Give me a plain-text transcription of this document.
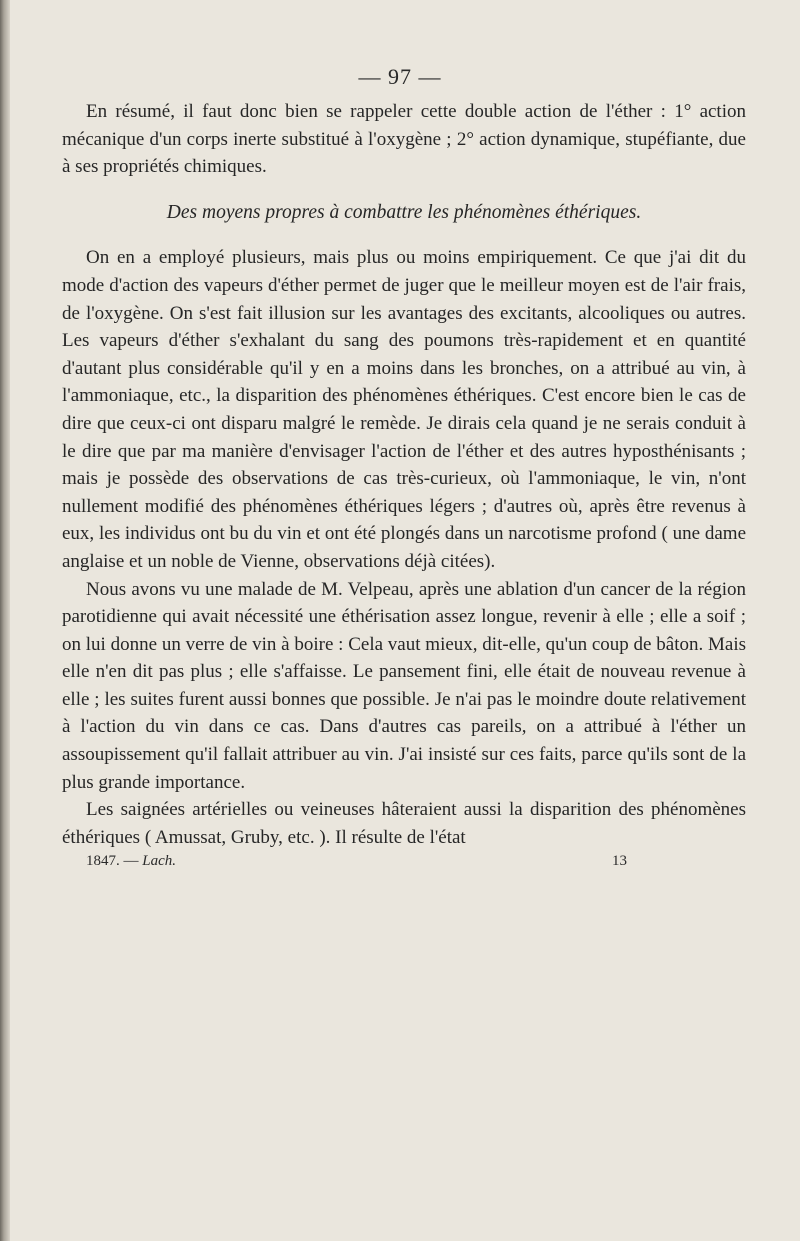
— 97 —

En résumé, il faut donc bien se rappeler cette double action de l'éther : 1° action mécanique d'un corps inerte substitué à l'oxygène ; 2° action dynamique, stupéfiante, due à ses propriétés chimiques.

Des moyens propres à combattre les phénomènes éthériques.

On en a employé plusieurs, mais plus ou moins empiriquement. Ce que j'ai dit du mode d'action des vapeurs d'éther permet de juger que le meilleur moyen est de l'air frais, de l'oxygène. On s'est fait illusion sur les avantages des excitants, alcooliques ou autres. Les vapeurs d'éther s'exhalant du sang des poumons très-rapidement et en quantité d'autant plus considérable qu'il y en a moins dans les bronches, on a attribué au vin, à l'ammoniaque, etc., la disparition des phénomènes éthériques. C'est encore bien le cas de dire que ceux-ci ont disparu malgré le remède. Je dirais cela quand je ne serais conduit à le dire que par ma manière d'envisager l'action de l'éther et des autres hyposthénisants ; mais je possède des observations de cas très-curieux, où l'ammoniaque, le vin, n'ont nullement modifié des phénomènes éthériques légers ; d'autres où, après être revenus à eux, les individus ont bu du vin et ont été plongés dans un narcotisme profond ( une dame anglaise et un noble de Vienne, observations déjà citées).

Nous avons vu une malade de M. Velpeau, après une ablation d'un cancer de la région parotidienne qui avait nécessité une éthérisation assez longue, revenir à elle ; elle a soif ; on lui donne un verre de vin à boire : Cela vaut mieux, dit-elle, qu'un coup de bâton. Mais elle n'en dit pas plus ; elle s'affaisse. Le pansement fini, elle était de nouveau revenue à elle ; les suites furent aussi bonnes que possible. Je n'ai pas le moindre doute relativement à l'action du vin dans ce cas. Dans d'autres cas pareils, on a attribué à l'éther un assoupissement qu'il fallait attribuer au vin. J'ai insisté sur ces faits, parce qu'ils sont de la plus grande importance.

Les saignées artérielles ou veineuses hâteraient aussi la disparition des phénomènes éthériques ( Amussat, Gruby, etc. ). Il résulte de l'état

1847. — Lach.	13
